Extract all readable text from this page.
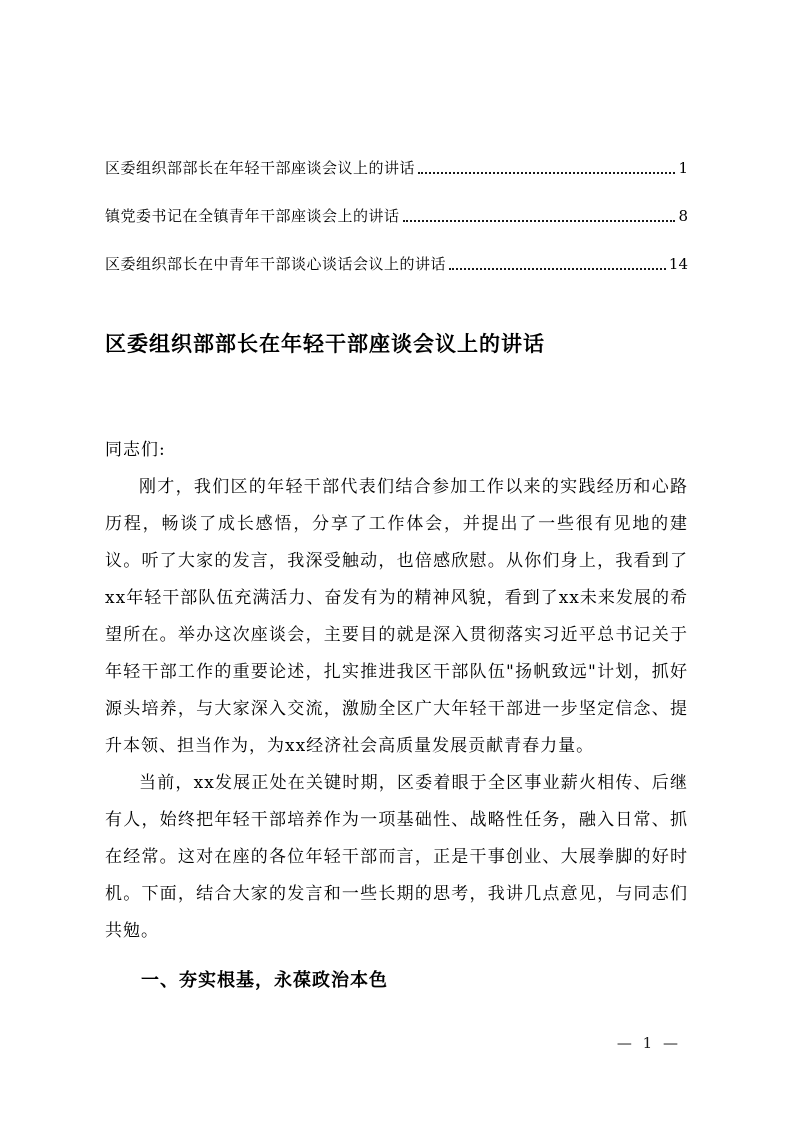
区委组织部部长在年轻干部座谈会议上的讲话	1
镇党委书记在全镇青年干部座谈会上的讲话	8
区委组织部长在中青年干部谈心谈话会议上的讲话	14
区委组织部部长在年轻干部座谈会议上的讲话

同志们:

刚才，我们区的年轻干部代表们结合参加工作以来的实践经历和心路历程，畅谈了成长感悟，分享了工作体会，并提出了一些很有见地的建议。听了大家的发言，我深受触动，也倍感欣慰。从你们身上，我看到了xx年轻干部队伍充满活力、奋发有为的精神风貌，看到了xx未来发展的希望所在。举办这次座谈会，主要目的就是深入贯彻落实习近平总书记关于年轻干部工作的重要论述，扎实推进我区干部队伍"扬帆致远"计划，抓好源头培养，与大家深入交流，激励全区广大年轻干部进一步坚定信念、提升本领、担当作为，为xx经济社会高质量发展贡献青春力量。

当前，xx发展正处在关键时期，区委着眼于全区事业薪火相传、后继有人，始终把年轻干部培养作为一项基础性、战略性任务，融入日常、抓在经常。这对在座的各位年轻干部而言，正是干事创业、大展拳脚的好时机。下面，结合大家的发言和一些长期的思考，我讲几点意见，与同志们共勉。

一、夯实根基，永葆政治本色
— 1 —
